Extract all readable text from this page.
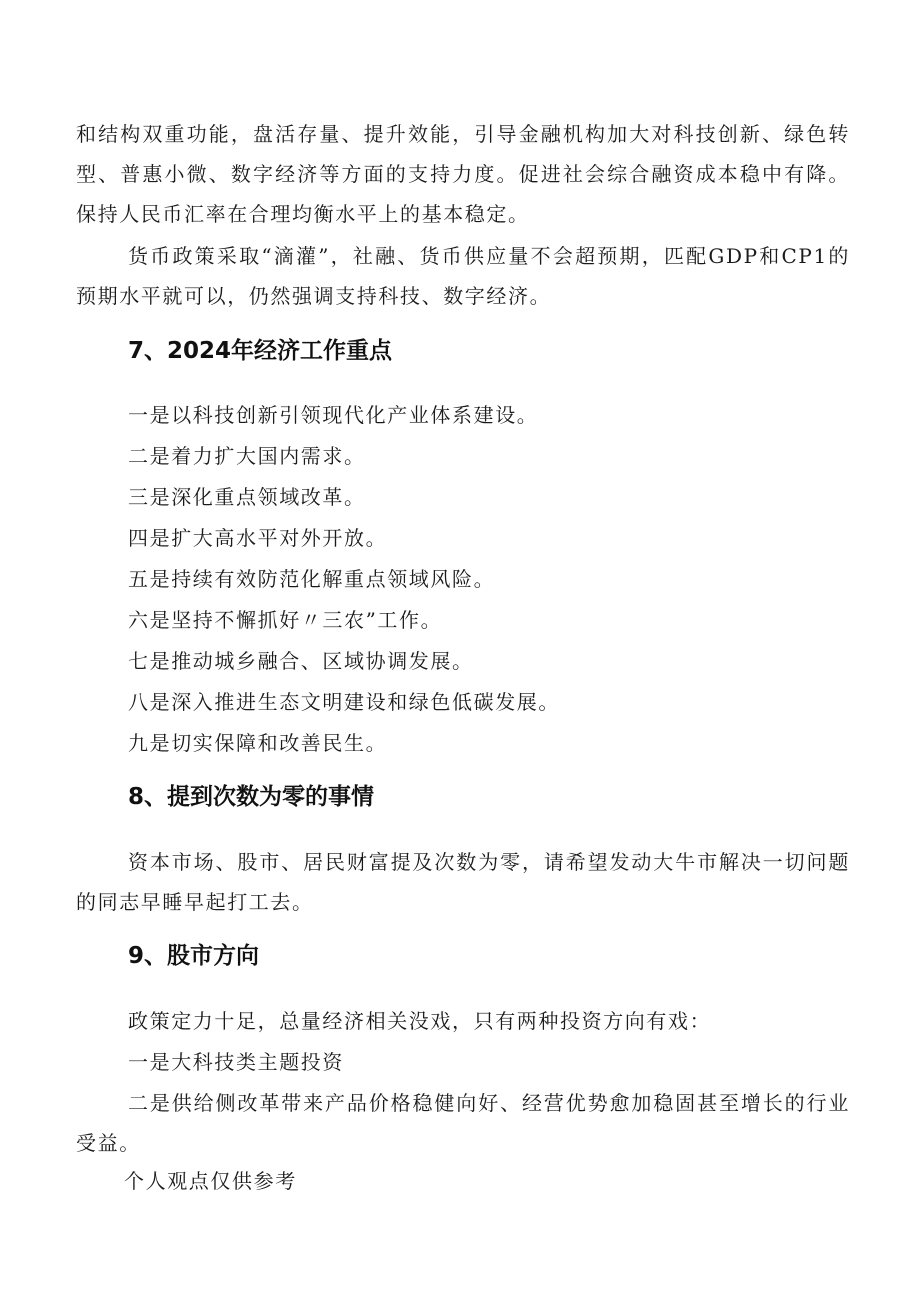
和结构双重功能，盘活存量、提升效能，引导金融机构加大对科技创新、绿色转型、普惠小微、数字经济等方面的支持力度。促进社会综合融资成本稳中有降。保持人民币汇率在合理均衡水平上的基本稳定。

货币政策采取“滴灌”，社融、货币供应量不会超预期，匹配GDP和CP1的预期水平就可以，仍然强调支持科技、数字经济。

7、2024年经济工作重点

一是以科技创新引领现代化产业体系建设。

二是着力扩大国内需求。

三是深化重点领域改革。

四是扩大高水平对外开放。

五是持续有效防范化解重点领域风险。

六是坚持不懈抓好〃三农”工作。

七是推动城乡融合、区域协调发展。

八是深入推进生态文明建设和绿色低碳发展。

九是切实保障和改善民生。

8、提到次数为零的事情

资本市场、股市、居民财富提及次数为零，请希望发动大牛市解决一切问题的同志早睡早起打工去。

9、股市方向

政策定力十足，总量经济相关没戏，只有两种投资方向有戏：

一是大科技类主题投资

二是供给侧改革带来产品价格稳健向好、经营优势愈加稳固甚至增长的行业受益。

个人观点仅供参考
